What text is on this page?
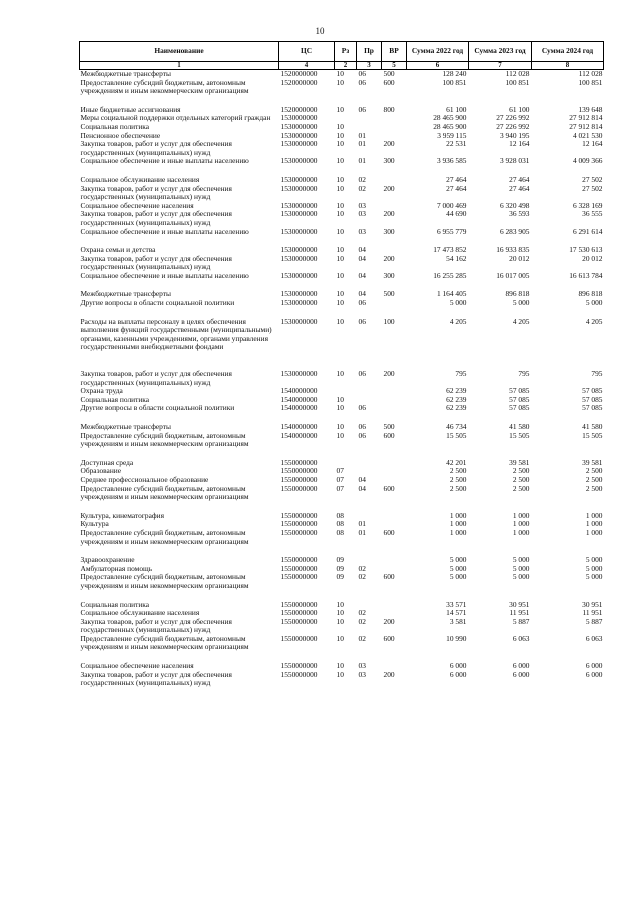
10
Наименование	ЦС	Рз	Пр	ВР	Сумма 2022 год	Сумма 2023 год	Сумма 2024 год
1	4	2	3	5	6	7	8
Межбюджетные трансферты	1520000000	10	06	500	128 240	112 028	112 028
Предоставление субсидий бюджетным, автономным учреждениям и иным некоммерческим организациям	1520000000	10	06	600	100 851	100 851	100 851

Иные бюджетные ассигнования	1520000000	10	06	800	61 100	61 100	139 648
Меры социальной поддержки отдельных категорий граждан	1530000000				28 465 900	27 226 992	27 912 814
Социальная политика	1530000000	10			28 465 900	27 226 992	27 912 814
Пенсионное обеспечение	1530000000	10	01		3 959 115	3 940 195	4 021 530
Закупка товаров, работ и услуг для обеспечения государственных (муниципальных) нужд	1530000000	10	01	200	22 531	12 164	12 164
Социальное обеспечение и иные выплаты населению	1530000000	10	01	300	3 936 585	3 928 031	4 009 366

Социальное обслуживание населения	1530000000	10	02		27 464	27 464	27 502
Закупка товаров, работ и услуг для обеспечения государственных (муниципальных) нужд	1530000000	10	02	200	27 464	27 464	27 502
Социальное обеспечение населения	1530000000	10	03		7 000 469	6 320 498	6 328 169
Закупка товаров, работ и услуг для обеспечения государственных (муниципальных) нужд	1530000000	10	03	200	44 690	36 593	36 555
Социальное обеспечение и иные выплаты населению	1530000000	10	03	300	6 955 779	6 283 905	6 291 614

Охрана семьи и детства	1530000000	10	04		17 473 852	16 933 835	17 530 613
Закупка товаров, работ и услуг для обеспечения государственных (муниципальных) нужд	1530000000	10	04	200	54 162	20 012	20 012
Социальное обеспечение и иные выплаты населению	1530000000	10	04	300	16 255 285	16 017 005	16 613 784

Межбюджетные трансферты	1530000000	10	04	500	1 164 405	896 818	896 818
Другие вопросы в области социальной политики	1530000000	10	06		5 000	5 000	5 000

Расходы на выплаты персоналу в целях обеспечения выполнения функций государственными (муниципальными) органами, казенными учреждениями, органами управления государственными внебюджетными фондами	1530000000	10	06	100	4 205	4 205	4 205

Закупка товаров, работ и услуг для обеспечения государственных (муниципальных) нужд	1530000000	10	06	200	795	795	795
Охрана труда	1540000000				62 239	57 085	57 085
Социальная политика	1540000000	10			62 239	57 085	57 085
Другие вопросы в области социальной политики	1540000000	10	06		62 239	57 085	57 085

Межбюджетные трансферты	1540000000	10	06	500	46 734	41 580	41 580
Предоставление субсидий бюджетным, автономным учреждениям и иным некоммерческим организациям	1540000000	10	06	600	15 505	15 505	15 505

Доступная среда	1550000000				42 201	39 581	39 581
Образование	1550000000	07			2 500	2 500	2 500
Среднее профессиональное образование	1550000000	07	04		2 500	2 500	2 500
Предоставление субсидий бюджетным, автономным учреждениям и иным некоммерческим организациям	1550000000	07	04	600	2 500	2 500	2 500

Культура, кинематография	1550000000	08			1 000	1 000	1 000
Культура	1550000000	08	01		1 000	1 000	1 000
Предоставление субсидий бюджетным, автономным учреждениям и иным некоммерческим организациям	1550000000	08	01	600	1 000	1 000	1 000

Здравоохранение	1550000000	09			5 000	5 000	5 000
Амбулаторная помощь	1550000000	09	02		5 000	5 000	5 000
Предоставление субсидий бюджетным, автономным учреждениям и иным некоммерческим организациям	1550000000	09	02	600	5 000	5 000	5 000

Социальная политика	1550000000	10			33 571	30 951	30 951
Социальное обслуживание населения	1550000000	10	02		14 571	11 951	11 951
Закупка товаров, работ и услуг для обеспечения государственных (муниципальных) нужд	1550000000	10	02	200	3 581	5 887	5 887
Предоставление субсидий бюджетным, автономным учреждениям и иным некоммерческим организациям	1550000000	10	02	600	10 990	6 063	6 063

Социальное обеспечение населения	1550000000	10	03		6 000	6 000	6 000
Закупка товаров, работ и услуг для обеспечения государственных (муниципальных) нужд	1550000000	10	03	200	6 000	6 000	6 000
